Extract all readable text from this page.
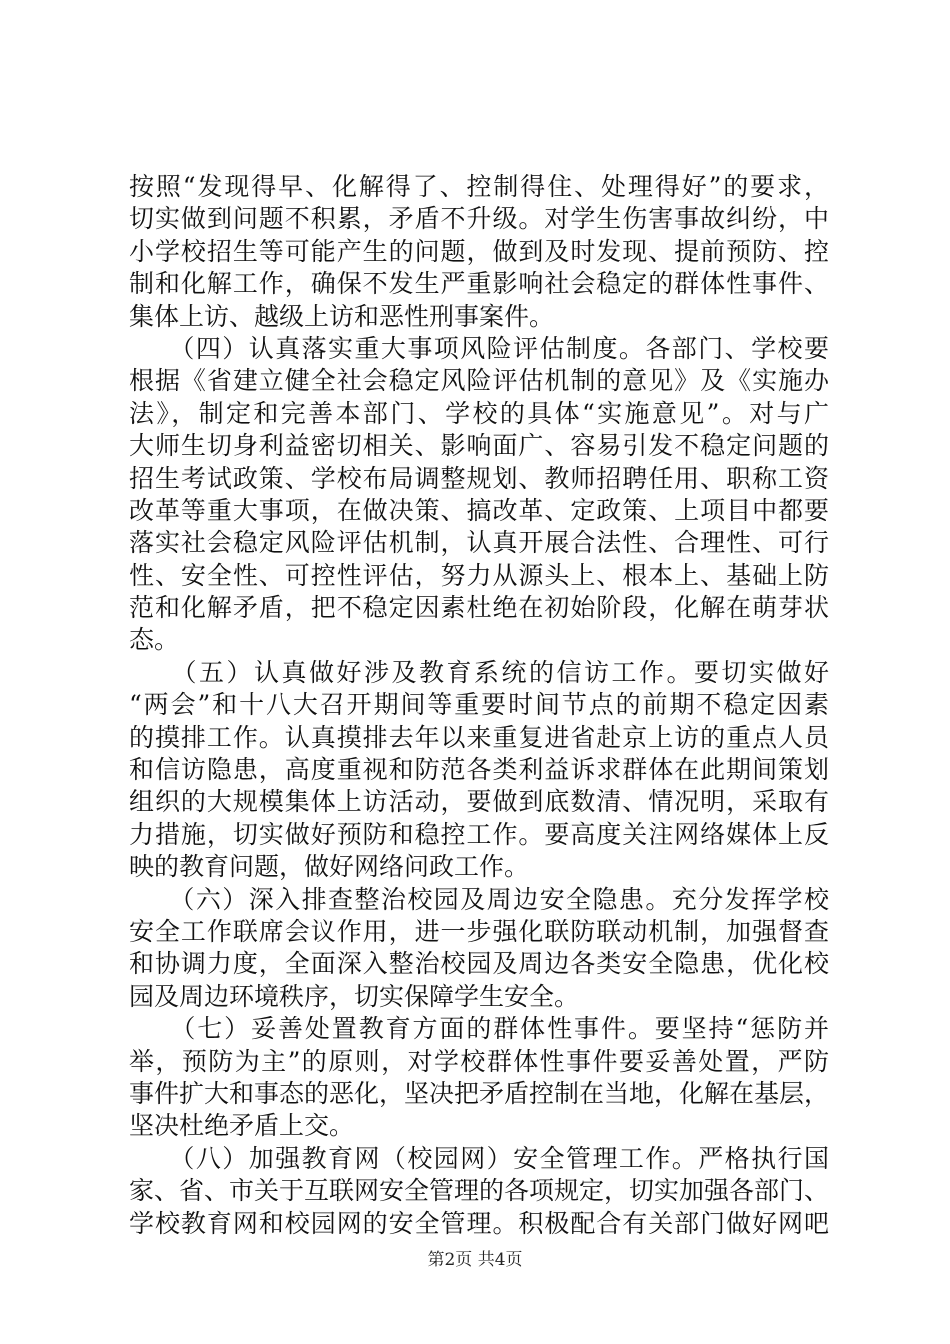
按照“发现得早、化解得了、控制得住、处理得好”的要求，
切实做到问题不积累，矛盾不升级。对学生伤害事故纠纷，中
小学校招生等可能产生的问题，做到及时发现、提前预防、控
制和化解工作，确保不发生严重影响社会稳定的群体性事件、
集体上访、越级上访和恶性刑事案件。
　　（四）认真落实重大事项风险评估制度。各部门、学校要
根据《省建立健全社会稳定风险评估机制的意见》及《实施办
法》，制定和完善本部门、学校的具体“实施意见”。对与广
大师生切身利益密切相关、影响面广、容易引发不稳定问题的
招生考试政策、学校布局调整规划、教师招聘任用、职称工资
改革等重大事项，在做决策、搞改革、定政策、上项目中都要
落实社会稳定风险评估机制，认真开展合法性、合理性、可行
性、安全性、可控性评估，努力从源头上、根本上、基础上防
范和化解矛盾，把不稳定因素杜绝在初始阶段，化解在萌芽状
态。
　　（五）认真做好涉及教育系统的信访工作。要切实做好
“两会”和十八大召开期间等重要时间节点的前期不稳定因素
的摸排工作。认真摸排去年以来重复进省赴京上访的重点人员
和信访隐患，高度重视和防范各类利益诉求群体在此期间策划
组织的大规模集体上访活动，要做到底数清、情况明，采取有
力措施，切实做好预防和稳控工作。要高度关注网络媒体上反
映的教育问题，做好网络问政工作。
　　（六）深入排查整治校园及周边安全隐患。充分发挥学校
安全工作联席会议作用，进一步强化联防联动机制，加强督查
和协调力度，全面深入整治校园及周边各类安全隐患，优化校
园及周边环境秩序，切实保障学生安全。
　　（七）妥善处置教育方面的群体性事件。要坚持“惩防并
举，预防为主”的原则，对学校群体性事件要妥善处置，严防
事件扩大和事态的恶化，坚决把矛盾控制在当地，化解在基层，
坚决杜绝矛盾上交。
　　（八）加强教育网（校园网）安全管理工作。严格执行国
家、省、市关于互联网安全管理的各项规定，切实加强各部门、
学校教育网和校园网的安全管理。积极配合有关部门做好网吧
第2页 共4页
